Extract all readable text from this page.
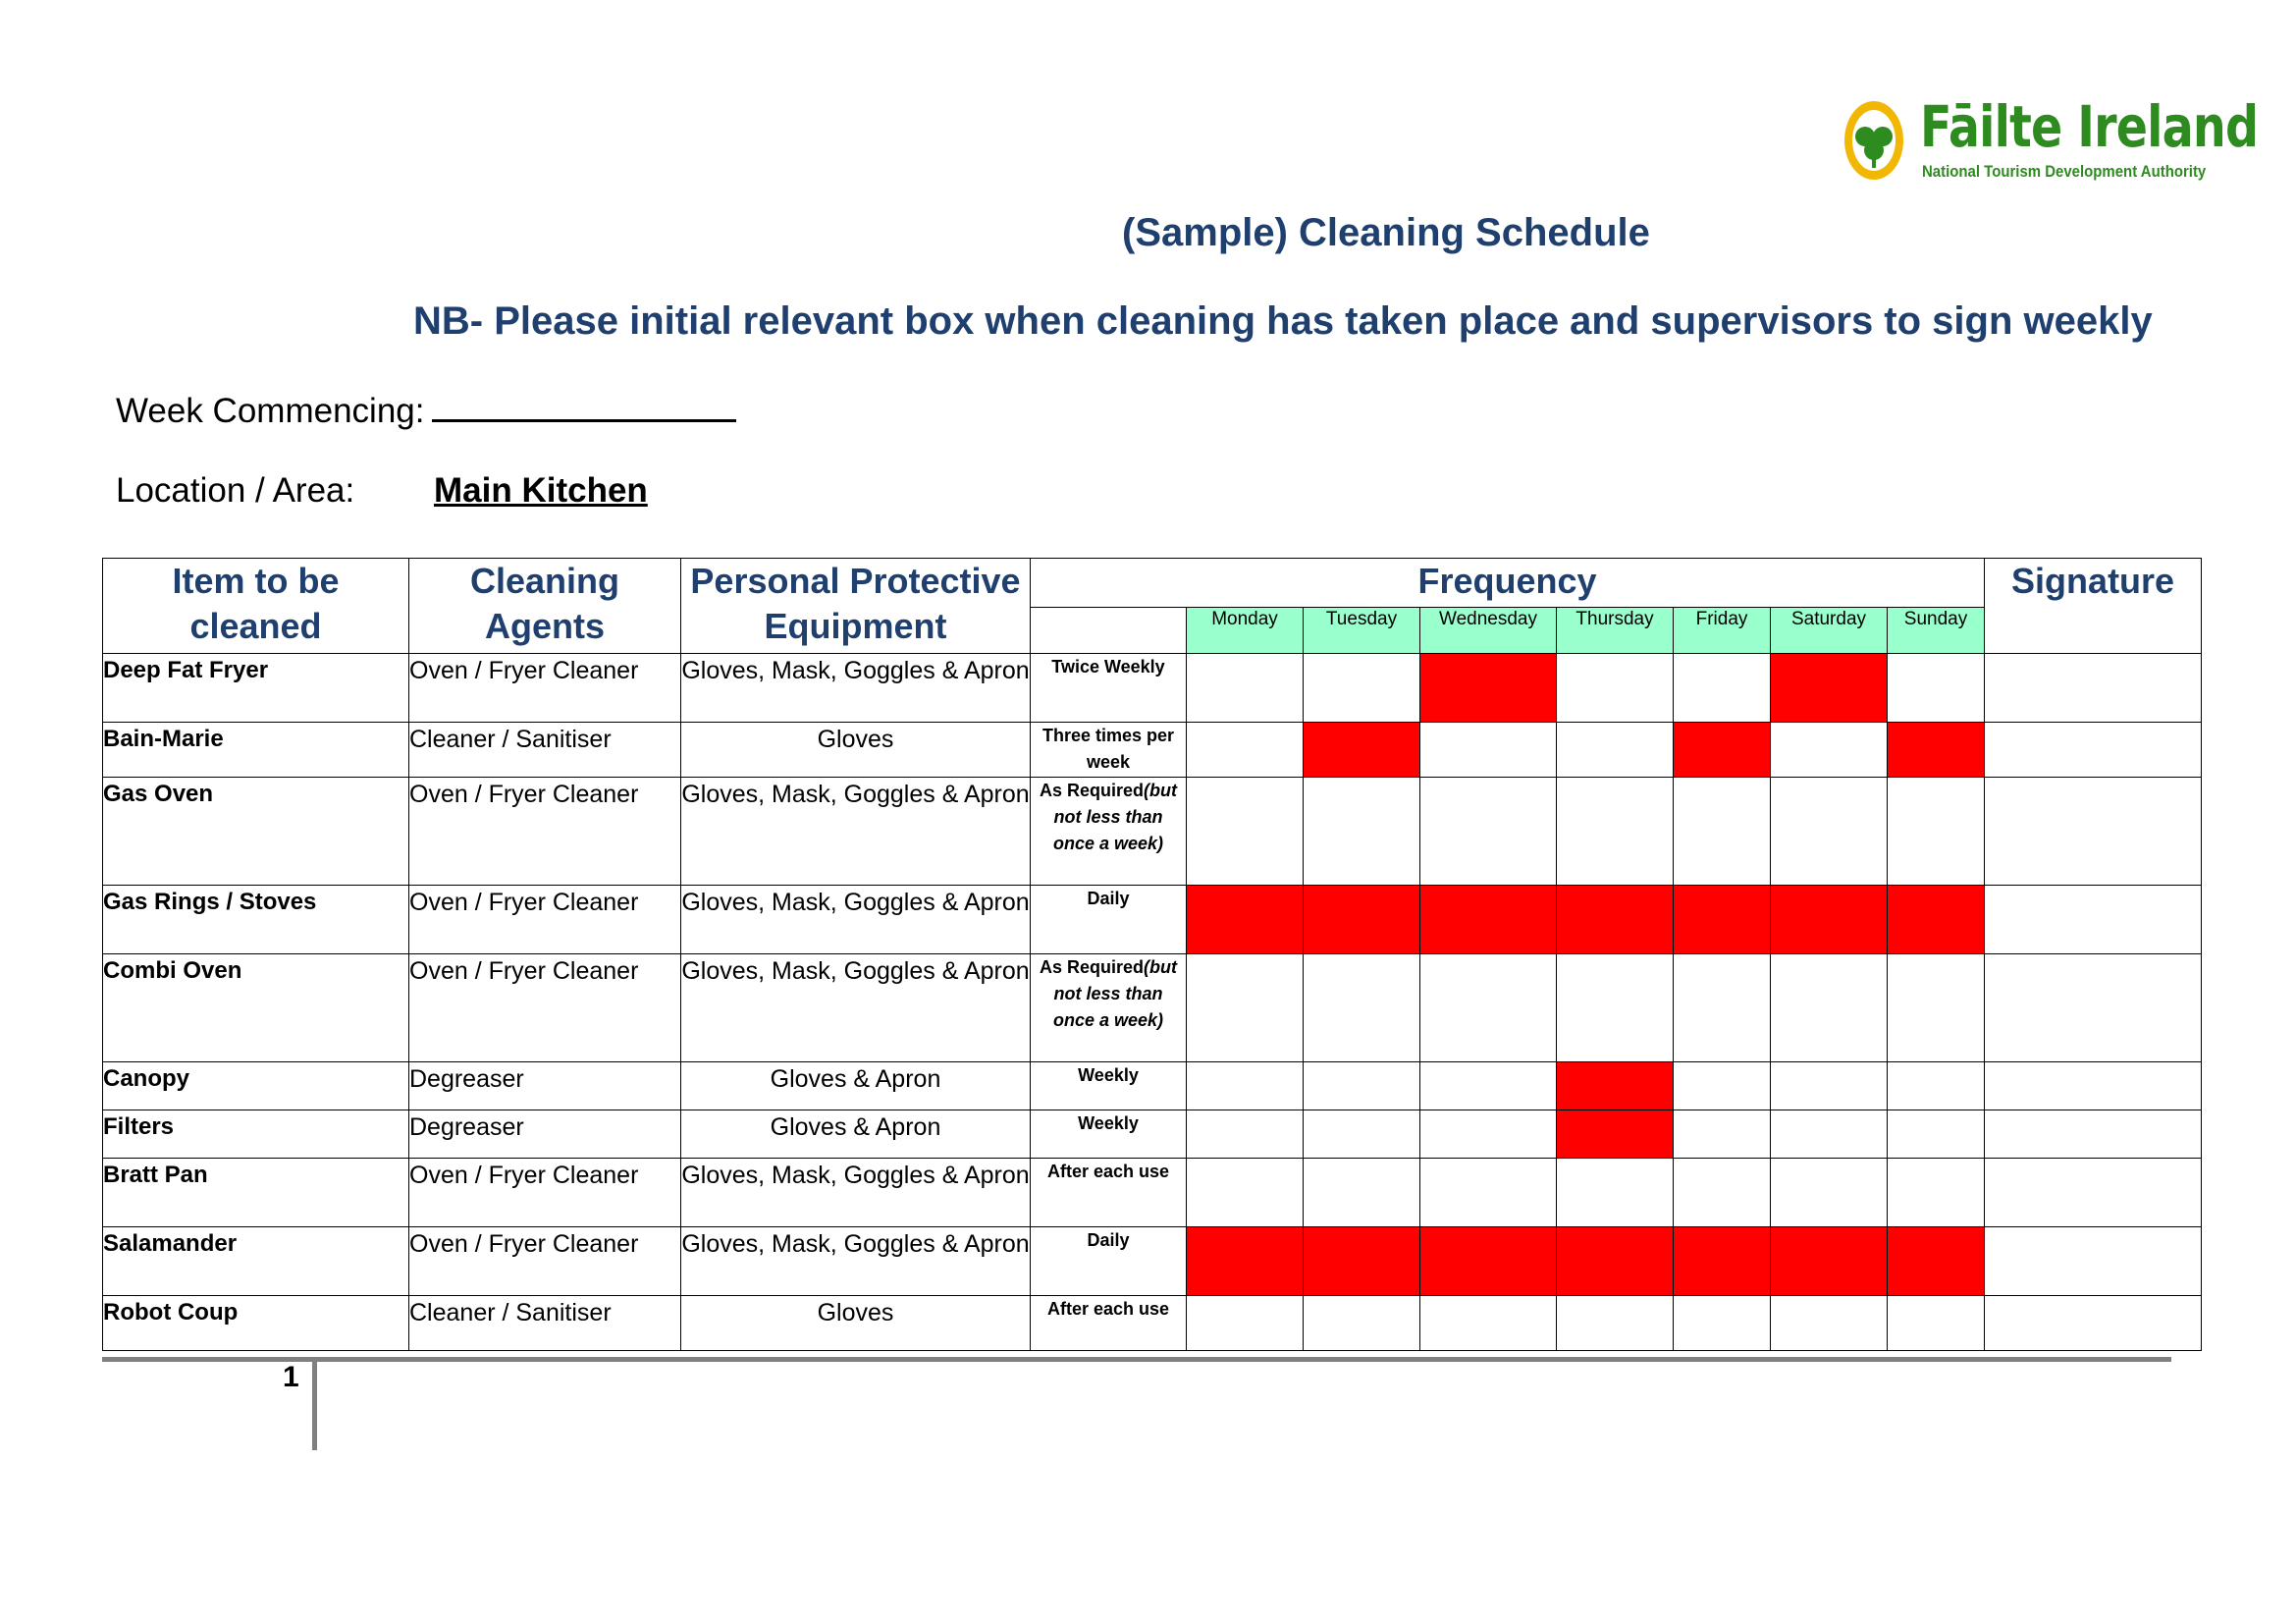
Fāilte Ireland
National Tourism Development Authority
(Sample) Cleaning Schedule
NB- Please initial relevant box when cleaning has taken place and supervisors to sign weekly
Week Commencing:
Location / Area: Main Kitchen
Item to be cleaned	Cleaning Agents	Personal Protective Equipment	Frequency								Signature
				Monday	Tuesday	Wednesday	Thursday	Friday	Saturday	Sunday	
Deep Fat Fryer	Oven / Fryer Cleaner	Gloves, Mask, Goggles & Apron	Twice Weekly								
Bain-Marie	Cleaner / Sanitiser	Gloves	Three times per week								
Gas Oven	Oven / Fryer Cleaner	Gloves, Mask, Goggles & Apron	As Required(but not less than once a week)								
Gas Rings / Stoves	Oven / Fryer Cleaner	Gloves, Mask, Goggles & Apron	Daily								
Combi Oven	Oven / Fryer Cleaner	Gloves, Mask, Goggles & Apron	As Required(but not less than once a week)								
Canopy	Degreaser	Gloves & Apron	Weekly								
Filters	Degreaser	Gloves & Apron	Weekly								
Bratt Pan	Oven / Fryer Cleaner	Gloves, Mask, Goggles & Apron	After each use								
Salamander	Oven / Fryer Cleaner	Gloves, Mask, Goggles & Apron	Daily								
Robot Coup	Cleaner / Sanitiser	Gloves	After each use								
1
